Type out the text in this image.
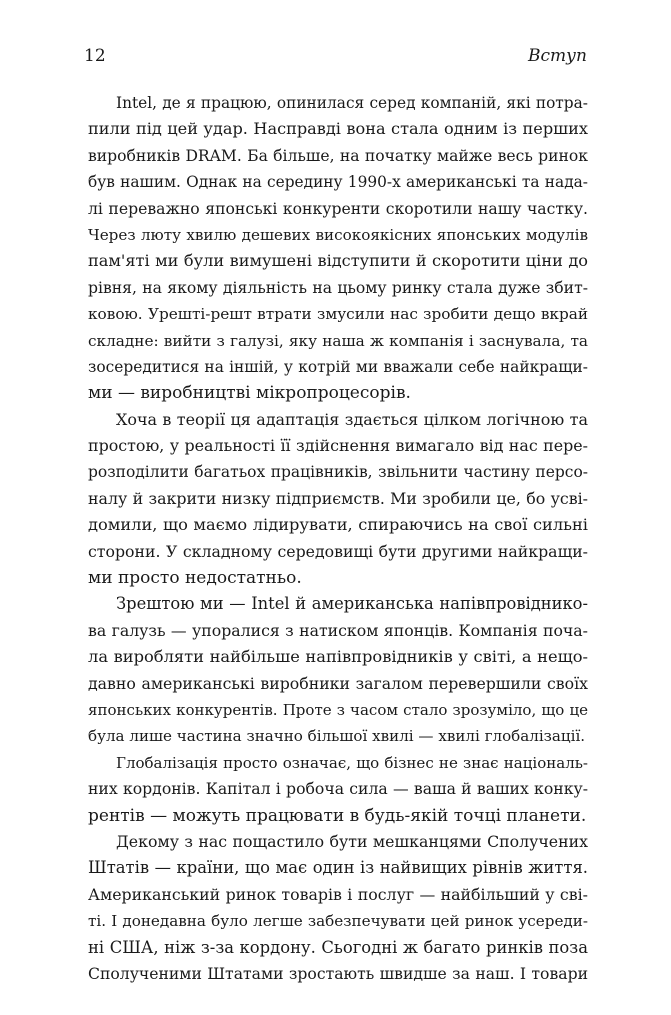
12	Вступ
Intel, де я працюю, опинилася серед компаній, які потра-
пили під цей удар. Насправді вона стала одним із перших
виробників DRAM. Ба більше, на початку майже весь ринок
був нашим. Однак на середину 1990-х американські та нада-
лі переважно японські конкуренти скоротили нашу частку.
Через люту хвилю дешевих високоякісних японських модулів
пам'яті ми були вимушені відступити й скоротити ціни до
рівня, на якому діяльність на цьому ринку стала дуже збит-
ковою. Урешті-решт втрати змусили нас зробити дещо вкрай
складне: вийти з галузі, яку наша ж компанія і заснувала, та
зосередитися на іншій, у котрій ми вважали себе найкращи-
ми — виробництві мікропроцесорів.
Хоча в теорії ця адаптація здається цілком логічною та
простою, у реальності її здійснення вимагало від нас пере-
розподілити багатьох працівників, звільнити частину персо-
налу й закрити низку підприємств. Ми зробили це, бо усві-
домили, що маємо лідирувати, спираючись на свої сильні
сторони. У складному середовищі бути другими найкращи-
ми просто недостатньо.
Зрештою ми — Intel й американська напівпровіднико-
ва галузь — упоралися з натиском японців. Компанія поча-
ла виробляти найбільше напівпровідників у світі, а нещо-
давно американські виробники загалом перевершили своїх
японських конкурентів. Проте з часом стало зрозуміло, що це
була лише частина значно більшої хвилі — хвилі глобалізації.
Глобалізація просто означає, що бізнес не знає національ-
них кордонів. Капітал і робоча сила — ваша й ваших конку-
рентів — можуть працювати в будь-якій точці планети.
Декому з нас пощастило бути мешканцями Сполучених
Штатів — країни, що має один із найвищих рівнів життя.
Американський ринок товарів і послуг — найбільший у сві-
ті. І донедавна було легше забезпечувати цей ринок усереди-
ні США, ніж з-за кордону. Сьогодні ж багато ринків поза
Сполученими Штатами зростають швидше за наш. І товари
